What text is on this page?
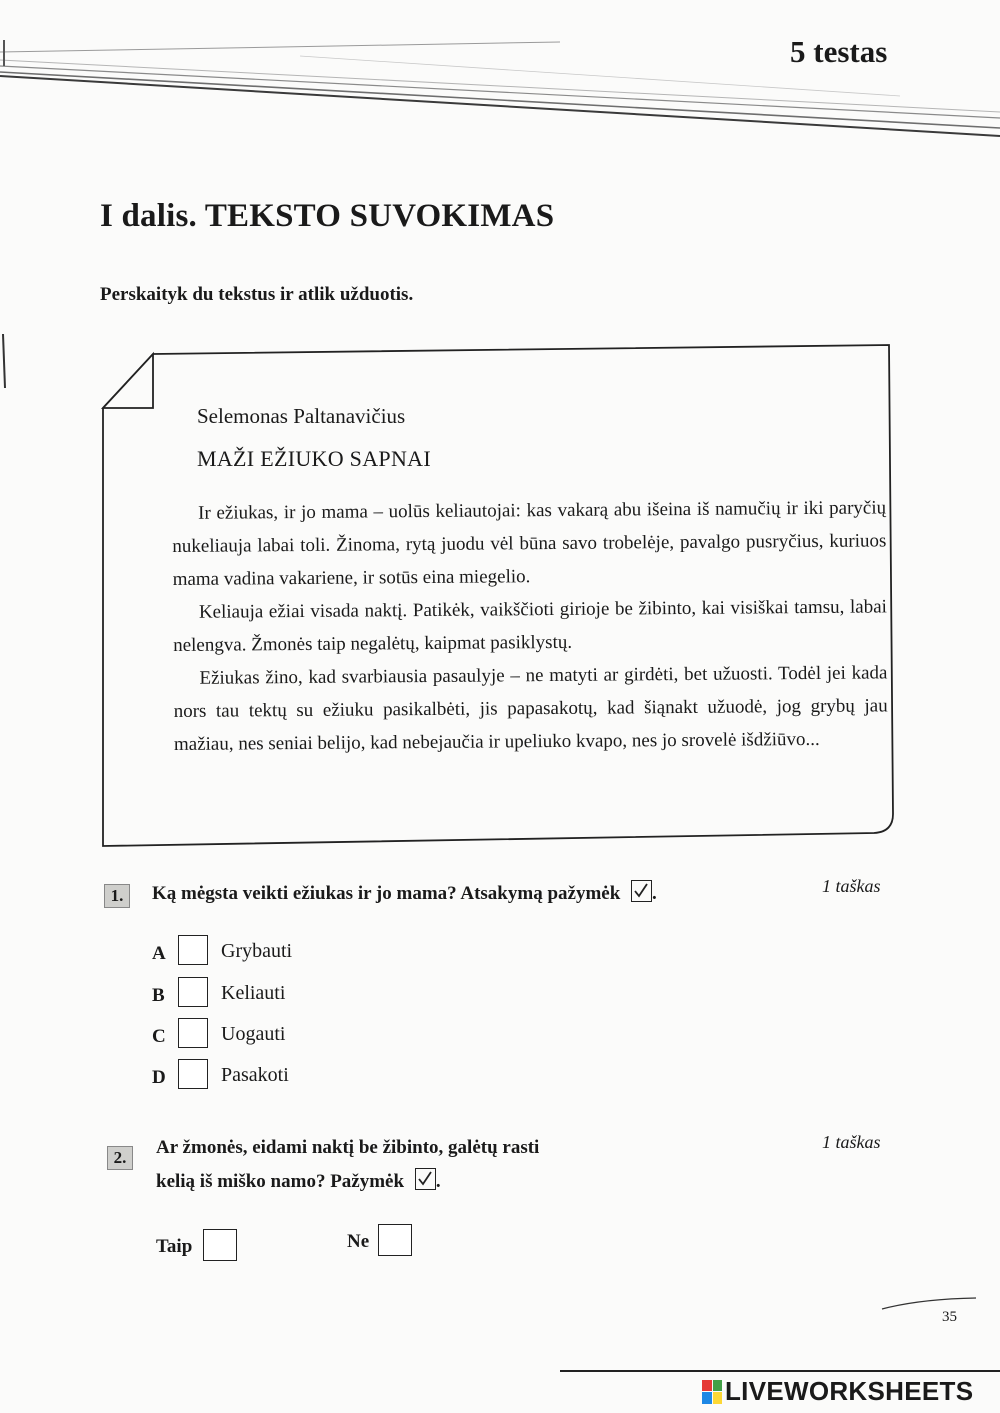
5 testas
I dalis. TEKSTO SUVOKIMAS
Perskaityk du tekstus ir atlik užduotis.
Selemonas Paltanavičius
MAŽI EŽIUKO SAPNAI

Ir ežiukas, ir jo mama – uolūs keliautojai: kas vakarą abu išeina iš namučių ir iki paryčių nukeliauja labai toli. Žinoma, rytą juodu vėl būna savo trobelėje, pavalgo pusryčius, kuriuos mama vadina vakariene, ir sotūs eina miegelio.

Keliauja ežiai visada naktį. Patikėk, vaikščioti girioje be žibinto, kai visiškai tamsu, labai nelengva. Žmonės taip negalėtų, kaipmat pasiklystų.

Ežiukas žino, kad svarbiausia pasaulyje – ne matyti ar girdėti, bet užuosti. Todėl jei kada nors tau tektų su ežiuku pasikalbėti, jis papasakotų, kad šiąnakt užuodė, jog grybų jau mažiau, nes seniai belijo, kad nebejaučia ir upeliuko kvapo, nes jo srovelė išdžiūvo...

1.	Ką mėgsta veikti ežiukas ir jo mama? Atsakymą pažymėk .	1 taškas
A	Grybauti
B	Keliauti
C	Uogauti
D	Pasakoti
2.	Ar žmonės, eidami naktį be žibinto, galėtų rasti
kelią iš miško namo? Pažymėk .
1 taškas
Taip	Ne
35
LIVEWORKSHEETS
